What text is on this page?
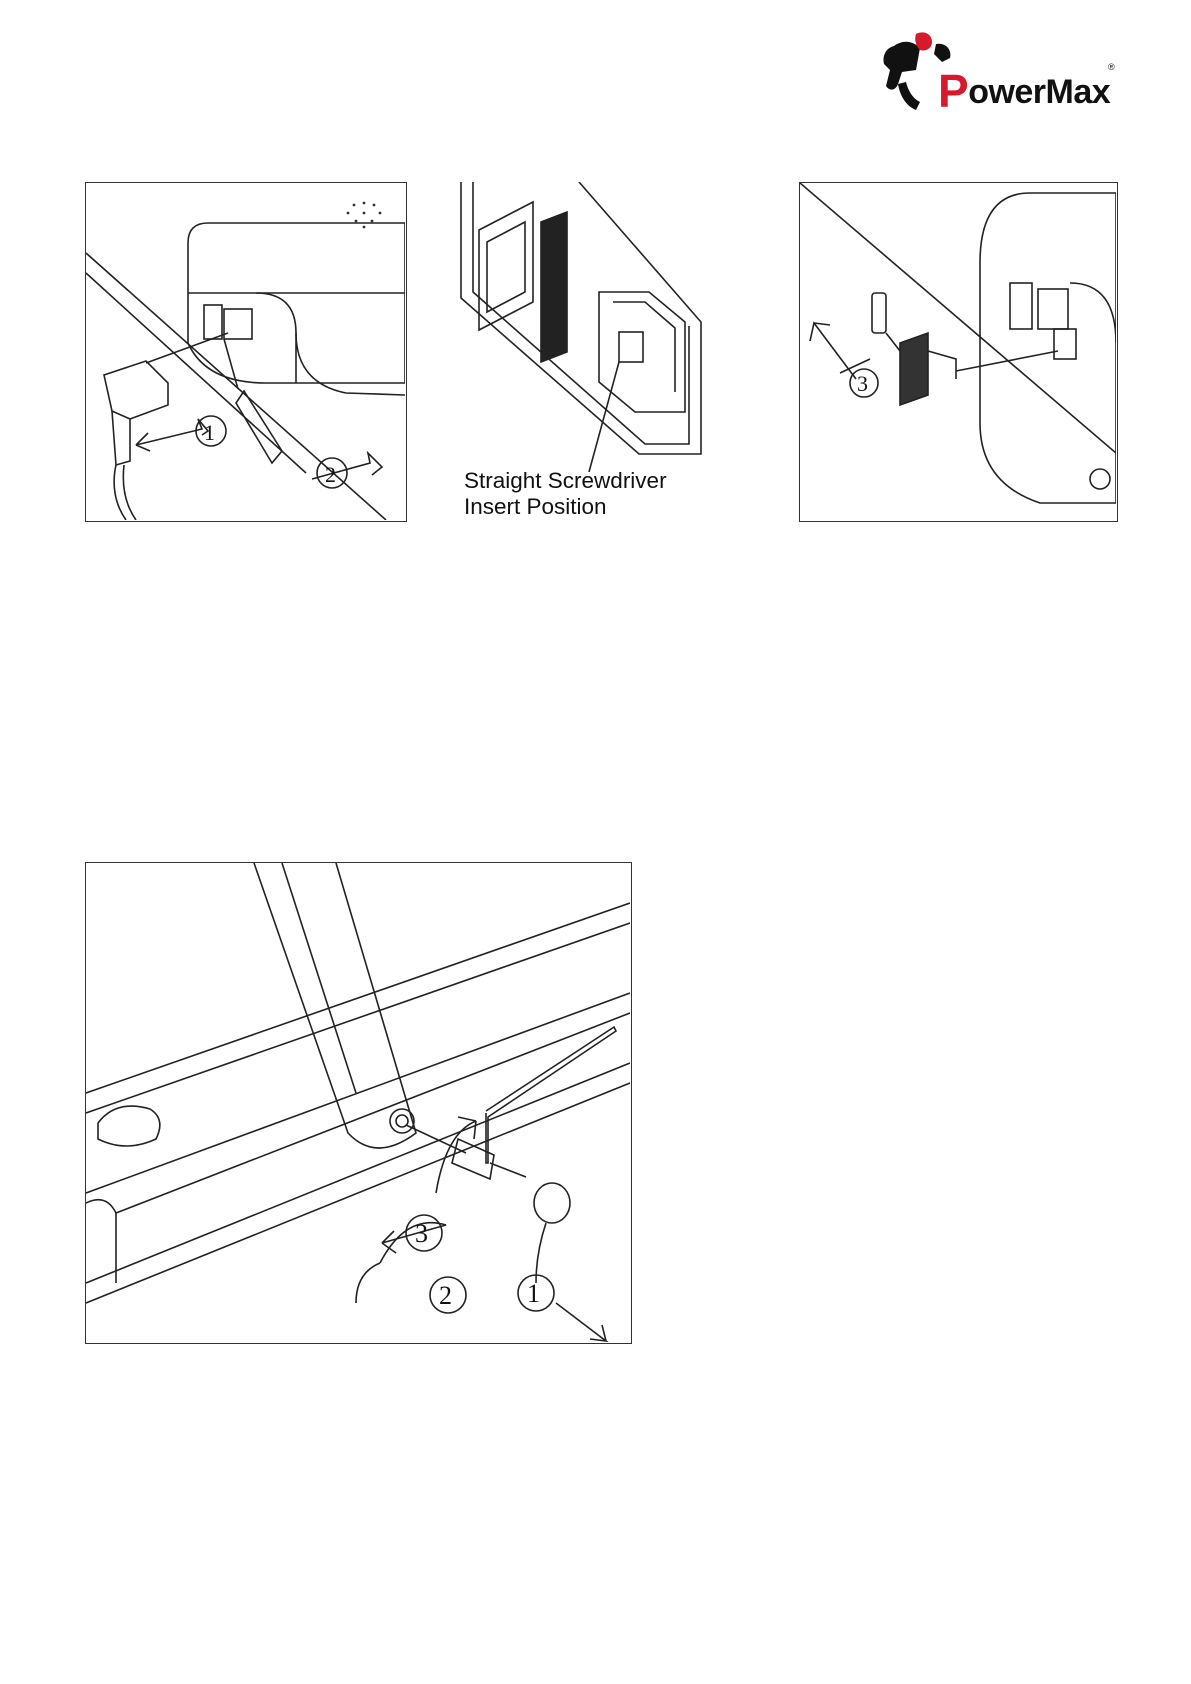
PowerMax
®
1
2	Straight Screwdriver
Insert Position
3
3
2	1
